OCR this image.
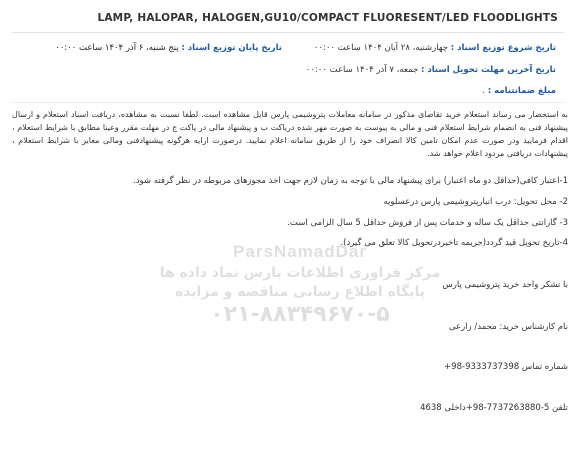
LAMP, HALOPAR, HALOGEN,GU10/COMPACT FLUORESENT/LED FLOODLIGHTS
تاریخ شروع توزیع اسناد : چهارشنبه، ۲۸ آبان ۱۴۰۴ ساعت ۰۰:۰۰
تاریخ پایان توزیع اسناد : پنج شنبه، ۶ آذر ۱۴۰۴ ساعت ۰۰:۰۰
تاریخ آخرین مهلت تحویل اسناد : جمعه، ۷ آذر ۱۴۰۴ ساعت ۰۰:۰۰
مبلغ ضمانتنامه : .
به استحضار می رساند استعلام خرید تقاضای مذکور در سامانه معاملات پتروشیمی پارس قابل مشاهده است. لطفا نسبت به مشاهده، دریافت اسناد استعلام و ارسال پیشنهاد فنی به انضمام شرایط استعلام فنی و مالی به پیوست به صورت مهر شده دریاکت ب و پیشنهاد مالی در پاکت ج در مهلت مقرر وعینا مطابق با شرایط استعلام ، اقدام فرمایید ودر صورت عدم امکان تامین کالا انصراف خود را از طریق سامانه اعلام نمایید. درصورت ارایه هرگونه پیشنهادفنی ومالی مغایر با شرایط استعلام ، پیشنهادات دریافتی مردود اعلام خواهد شد.
1-اعتبار کافی(حداقل دو ماه اعتبار) برای پیشنهاد مالی با توجه به زمان لازم جهت اخذ مجوزهای مربوطه در نظر گرفته شود.
2- محل تحویل: درب انبارپتروشیمی پارس درعسلویه
3- گارانتی حداقل یک ساله و خدمات پس از فروش حداقل 5 سال الزامی است.
4-تاریخ تحویل قید گردد(جریمه تاخیردرتحویل کالا تعلق می گیرد).
با تشکر واحد خرید پتروشیمی پارس
نام کارشناس خرید: محمد/ زارعی
شماره تماس 9333737398-98+
تلفن 5-7737263880-98+داخلی 4638
ParsNamadDar
مرکز فراوری اطلاعات پارس نماد داده ها
پایگاه اطلاع رسانی مناقصه و مزایده
۰۲۱-۸۸۳۴۹۶۷۰-۵
